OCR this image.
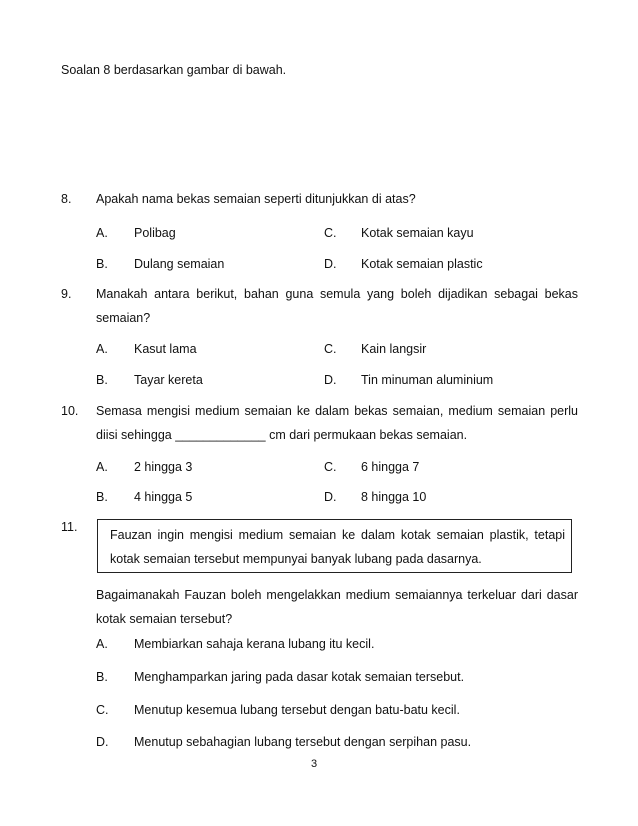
Soalan 8 berdasarkan gambar di bawah.
8. Apakah nama bekas semaian seperti ditunjukkan di atas?
A. Polibag	C. Kotak semaian kayu
B. Dulang semaian	D. Kotak semaian plastic
9. Manakah antara berikut, bahan guna semula yang boleh dijadikan sebagai bekas semaian?
A. Kasut lama	C. Kain langsir
B. Tayar kereta	D. Tin minuman aluminium
10. Semasa mengisi medium semaian ke dalam bekas semaian, medium semaian perlu diisi sehingga _____________ cm dari permukaan bekas semaian.
A. 2 hingga 3	C. 6 hingga 7
B. 4 hingga 5	D. 8 hingga 10
11.
Fauzan ingin mengisi medium semaian ke dalam kotak semaian plastik, tetapi kotak semaian tersebut mempunyai banyak lubang pada dasarnya.
Bagaimanakah Fauzan boleh mengelakkan medium semaiannya terkeluar dari dasar kotak semaian tersebut?
A. Membiarkan sahaja kerana lubang itu kecil.
B. Menghamparkan jaring pada dasar kotak semaian tersebut.
C. Menutup kesemua lubang tersebut dengan batu-batu kecil.
D. Menutup sebahagian lubang tersebut dengan serpihan pasu.
3
